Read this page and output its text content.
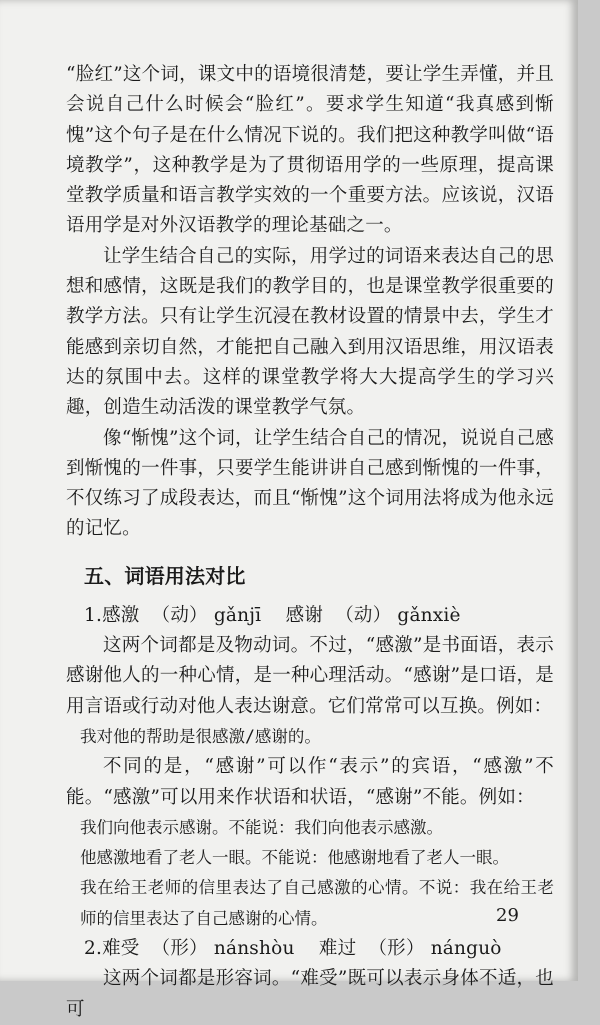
“脸红”这个词，课文中的语境很清楚，要让学生弄懂，并且会说自己什么时候会“脸红”。要求学生知道“我真感到惭愧”这个句子是在什么情况下说的。我们把这种教学叫做“语境教学”，这种教学是为了贯彻语用学的一些原理，提高课堂教学质量和语言教学实效的一个重要方法。应该说，汉语语用学是对外汉语教学的理论基础之一。

让学生结合自己的实际，用学过的词语来表达自己的思想和感情，这既是我们的教学目的，也是课堂教学很重要的教学方法。只有让学生沉浸在教材设置的情景中去，学生才能感到亲切自然，才能把自己融入到用汉语思维，用汉语表达的氛围中去。这样的课堂教学将大大提高学生的学习兴趣，创造生动活泼的课堂教学气氛。

像“惭愧”这个词，让学生结合自己的情况，说说自己感到惭愧的一件事，只要学生能讲讲自己感到惭愧的一件事，不仅练习了成段表达，而且“惭愧”这个词用法将成为他永远的记忆。

五、词语用法对比
1.感激 （动） gǎnjī 感谢 （动） gǎnxiè

这两个词都是及物动词。不过，“感激”是书面语，表示感谢他人的一种心情，是一种心理活动。“感谢”是口语，是用言语或行动对他人表达谢意。它们常常可以互换。例如：

我对他的帮助是很感激/感谢的。

不同的是，“感谢”可以作“表示”的宾语，“感激”不能。“感激”可以用来作状语和状语，“感谢”不能。例如：

我们向他表示感谢。不能说：我们向他表示感激。

他感激地看了老人一眼。不能说：他感谢地看了老人一眼。

我在给王老师的信里表达了自己感激的心情。不说：我在给王老师的信里表达了自己感谢的心情。

2.难受 （形） nánshòu 难过 （形） nánguò

这两个词都是形容词。“难受”既可以表示身体不适，也可

29
